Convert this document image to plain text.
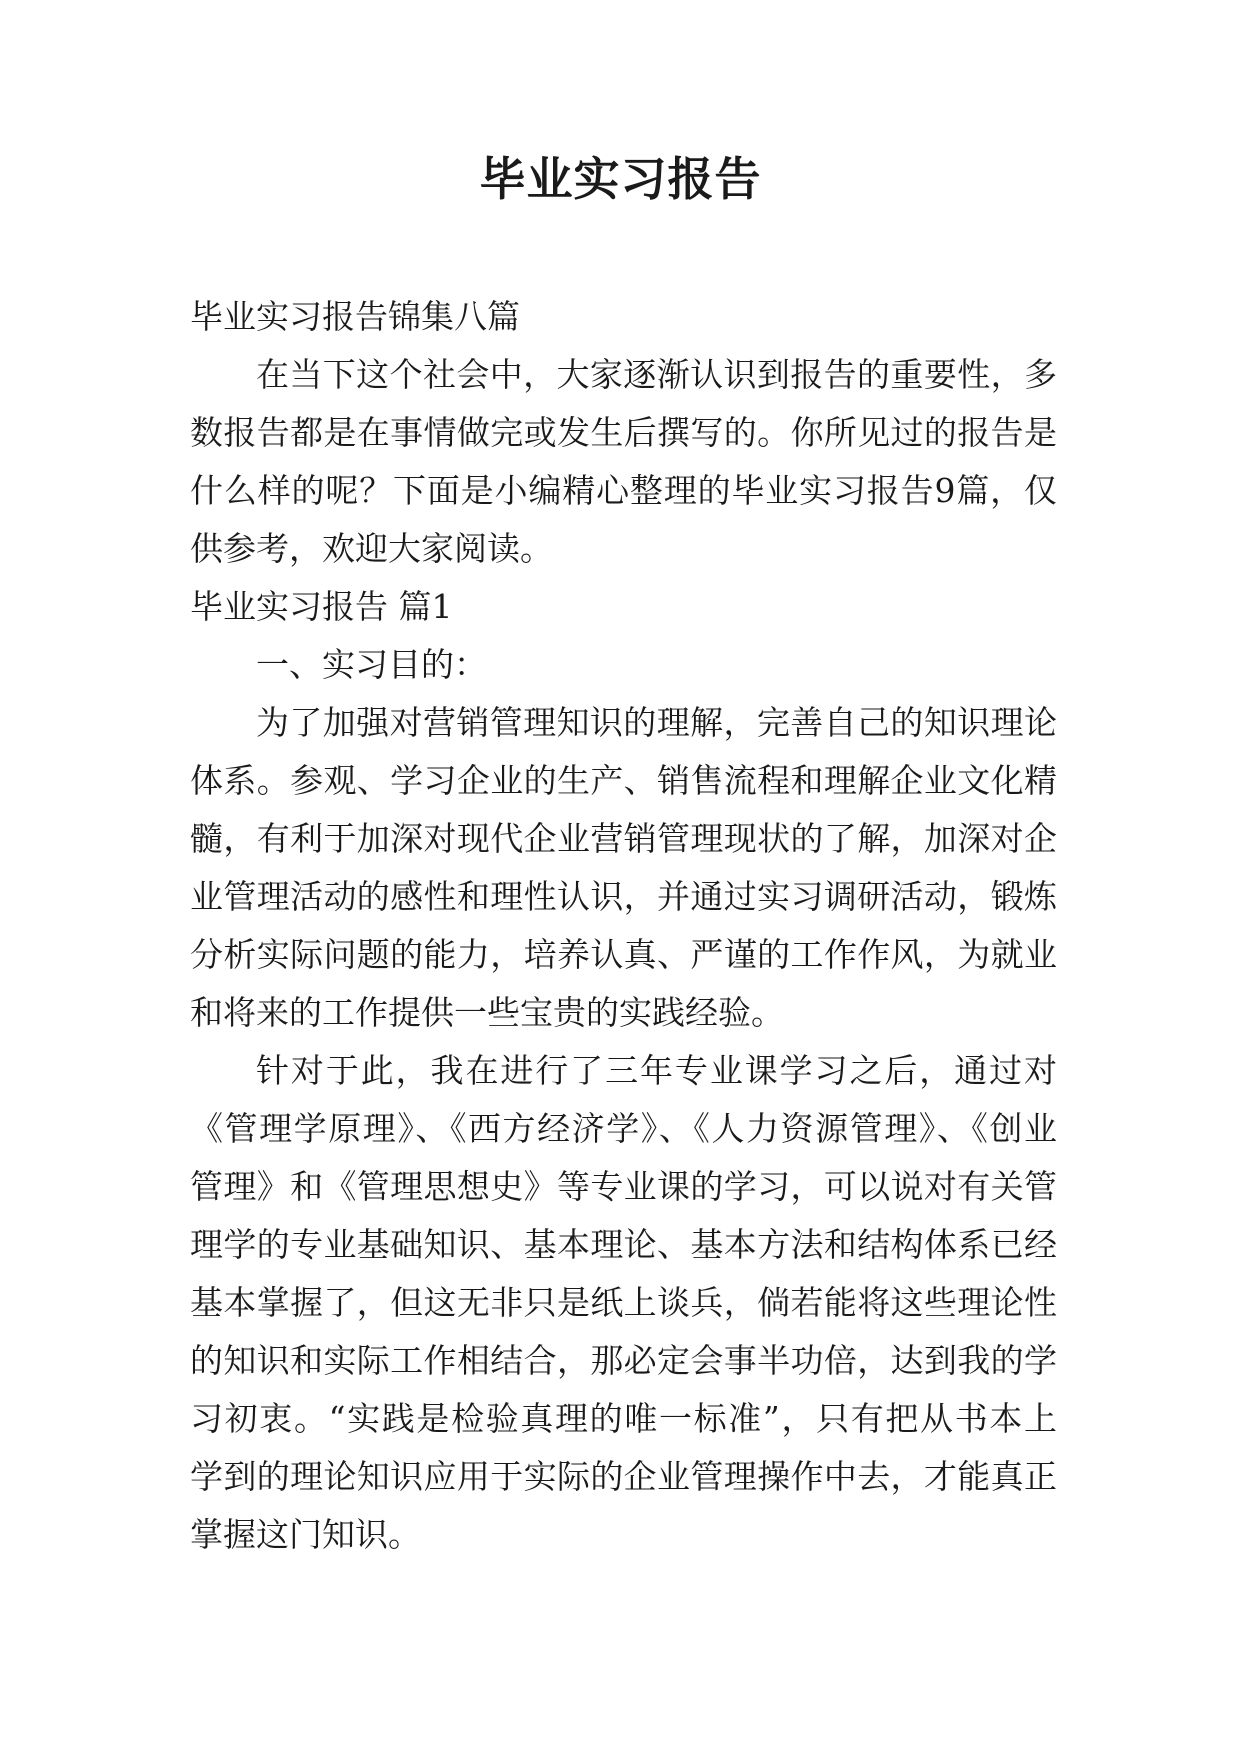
毕业实习报告

毕业实习报告锦集八篇

在当下这个社会中，大家逐渐认识到报告的重要性，多

数报告都是在事情做完或发生后撰写的。你所见过的报告是

什么样的呢？下面是小编精心整理的毕业实习报告9篇，仅

供参考，欢迎大家阅读。

毕业实习报告 篇1

一、实习目的：

为了加强对营销管理知识的理解，完善自己的知识理论

体系。参观、学习企业的生产、销售流程和理解企业文化精

髓，有利于加深对现代企业营销管理现状的了解，加深对企

业管理活动的感性和理性认识，并通过实习调研活动，锻炼

分析实际问题的能力，培养认真、严谨的工作作风，为就业

和将来的工作提供一些宝贵的实践经验。

针对于此，我在进行了三年专业课学习之后，通过对

《管理学原理》、《西方经济学》、《人力资源管理》、《创业

管理》和《管理思想史》等专业课的学习，可以说对有关管

理学的专业基础知识、基本理论、基本方法和结构体系已经

基本掌握了，但这无非只是纸上谈兵，倘若能将这些理论性

的知识和实际工作相结合，那必定会事半功倍，达到我的学

习初衷。“实践是检验真理的唯一标准”，只有把从书本上

学到的理论知识应用于实际的企业管理操作中去，才能真正

掌握这门知识。
